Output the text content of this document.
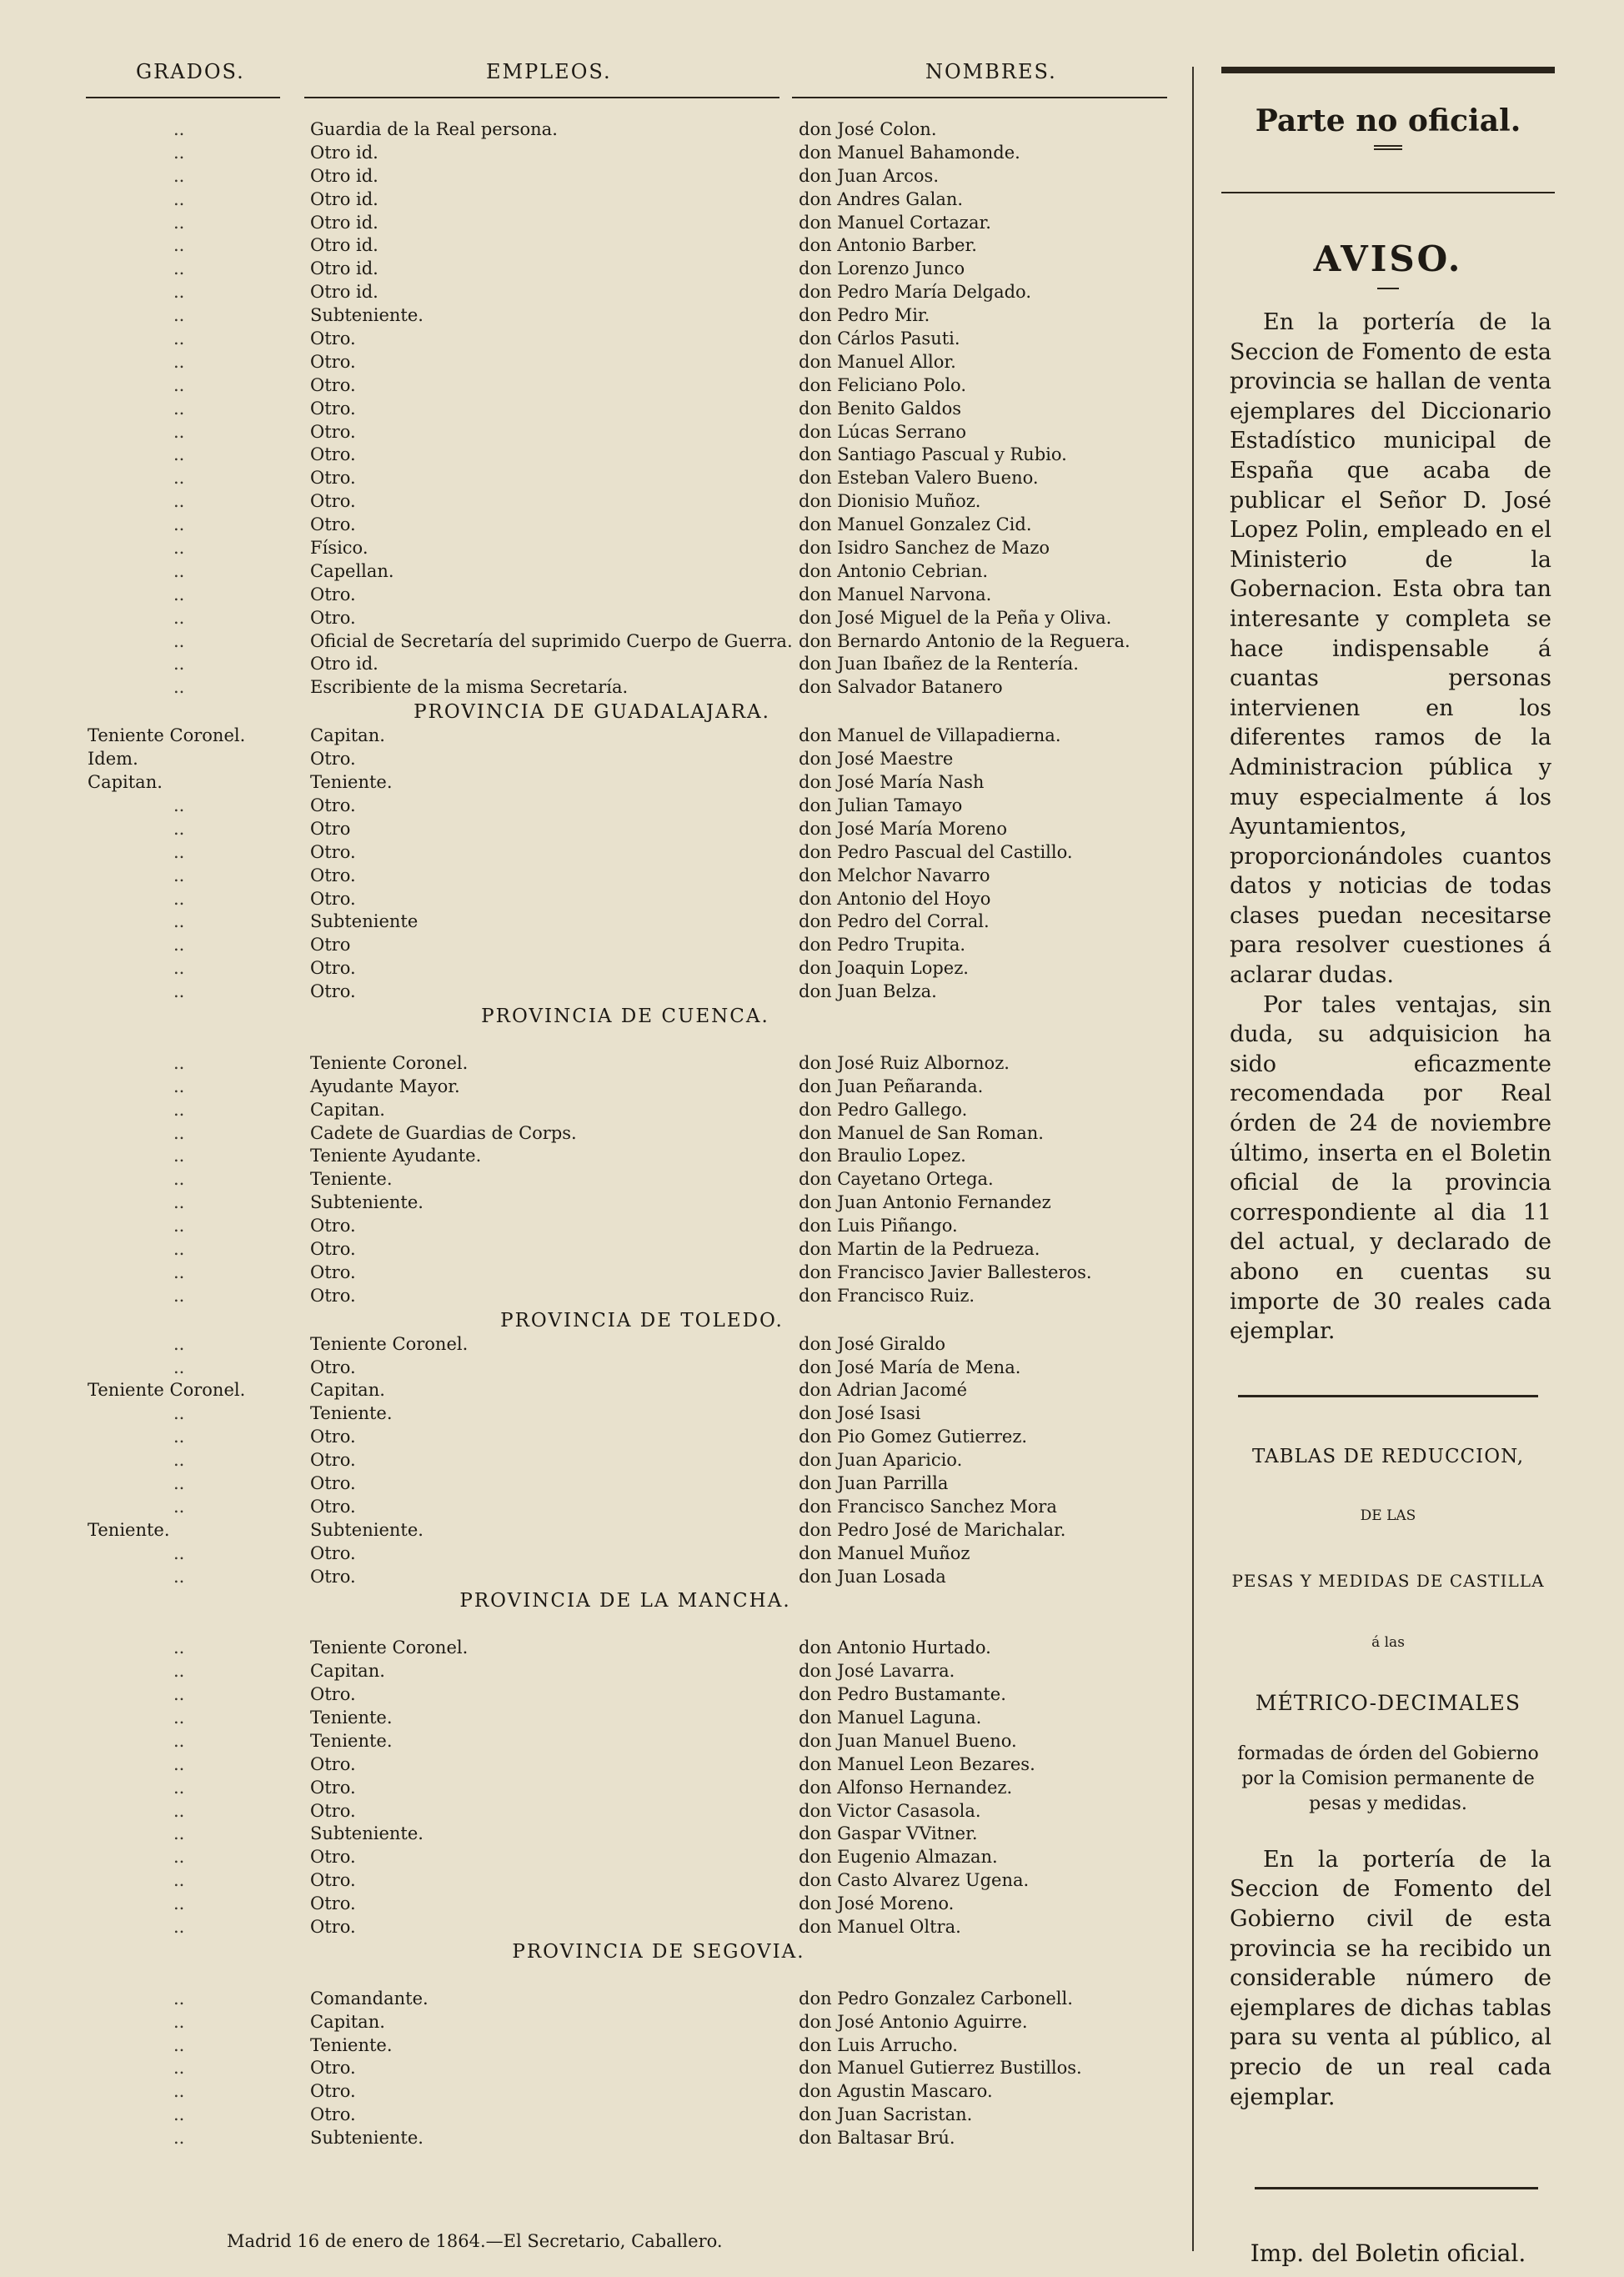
GRADOS.	EMPLEOS.	NOMBRES.
..	Guardia de la Real persona.	don José Colon.
..	Otro id.	don Manuel Bahamonde.
..	Otro id.	don Juan Arcos.
..	Otro id.	don Andres Galan.
..	Otro id.	don Manuel Cortazar.
..	Otro id.	don Antonio Barber.
..	Otro id.	don Lorenzo Junco
..	Otro id.	don Pedro María Delgado.
..	Subteniente.	don Pedro Mir.
..	Otro.	don Cárlos Pasuti.
..	Otro.	don Manuel Allor.
..	Otro.	don Feliciano Polo.
..	Otro.	don Benito Galdos
..	Otro.	don Lúcas Serrano
..	Otro.	don Santiago Pascual y Rubio.
..	Otro.	don Esteban Valero Bueno.
..	Otro.	don Dionisio Muñoz.
..	Otro.	don Manuel Gonzalez Cid.
..	Físico.	don Isidro Sanchez de Mazo
..	Capellan.	don Antonio Cebrian.
..	Otro.	don Manuel Narvona.
..	Otro.	don José Miguel de la Peña y Oliva.
..	Oficial de Secretaría del suprimido Cuerpo de Guerra. don Bernardo Antonio de la Reguera.
..	Otro id.	don Juan Ibañez de la Rentería.
..	Escribiente de la misma Secretaría.	don Salvador Batanero
PROVINCIA DE GUADALAJARA.
Teniente Coronel.	Capitan.	don Manuel de Villapadierna.
Idem.	Otro.	don José Maestre
Capitan.	Teniente.	don José María Nash
..	Otro.	don Julian Tamayo
..	Otro	don José María Moreno
..	Otro.	don Pedro Pascual del Castillo.
..	Otro.	don Melchor Navarro
..	Otro.	don Antonio del Hoyo
..	Subteniente	don Pedro del Corral.
..	Otro	don Pedro Trupita.
..	Otro.	don Joaquin Lopez.
..	Otro.	don Juan Belza.
PROVINCIA DE CUENCA.
..	Teniente Coronel.	don José Ruiz Albornoz.
..	Ayudante Mayor.	don Juan Peñaranda.
..	Capitan.	don Pedro Gallego.
..	Cadete de Guardias de Corps.	don Manuel de San Roman.
..	Teniente Ayudante.	don Braulio Lopez.
..	Teniente.	don Cayetano Ortega.
..	Subteniente.	don Juan Antonio Fernandez
..	Otro.	don Luis Piñango.
..	Otro.	don Martin de la Pedrueza.
..	Otro.	don Francisco Javier Ballesteros.
..	Otro.	don Francisco Ruiz.
PROVINCIA DE TOLEDO.
..	Teniente Coronel.	don José Giraldo
..	Otro.	don José María de Mena.
Teniente Coronel.	Capitan.	don Adrian Jacomé
..	Teniente.	don José Isasi
..	Otro.	don Pio Gomez Gutierrez.
..	Otro.	don Juan Aparicio.
..	Otro.	don Juan Parrilla
..	Otro.	don Francisco Sanchez Mora
Teniente.	Subteniente.	don Pedro José de Marichalar.
..	Otro.	don Manuel Muñoz
..	Otro.	don Juan Losada
PROVINCIA DE LA MANCHA.
..	Teniente Coronel.	don Antonio Hurtado.
..	Capitan.	don José Lavarra.
..	Otro.	don Pedro Bustamante.
..	Teniente.	don Manuel Laguna.
..	Teniente.	don Juan Manuel Bueno.
..	Otro.	don Manuel Leon Bezares.
..	Otro.	don Alfonso Hernandez.
..	Otro.	don Victor Casasola.
..	Subteniente.	don Gaspar VVitner.
..	Otro.	don Eugenio Almazan.
..	Otro.	don Casto Alvarez Ugena.
..	Otro.	don José Moreno.
..	Otro.	don Manuel Oltra.
PROVINCIA DE SEGOVIA.
..	Comandante.	don Pedro Gonzalez Carbonell.
..	Capitan.	don José Antonio Aguirre.
..	Teniente.	don Luis Arrucho.
..	Otro.	don Manuel Gutierrez Bustillos.
..	Otro.	don Agustin Mascaro.
..	Otro.	don Juan Sacristan.
..	Subteniente.	don Baltasar Brú.
Madrid 16 de enero de 1864.—El Secretario, Caballero.
Parte no oficial.
AVISO.
En la portería de la Seccion de Fomento de esta provincia se hallan de venta ejemplares del Diccionario Estadístico municipal de España que acaba de publicar el Señor D. José Lopez Polin, empleado en el Ministerio de la Gobernacion. Esta obra tan interesante y completa se hace indispensable á cuantas personas intervienen en los diferentes ramos de la Administracion pública y muy especialmente á los Ayuntamientos, proporcionándoles cuantos datos y noticias de todas clases puedan necesitarse para resolver cuestiones á aclarar dudas.
Por tales ventajas, sin duda, su adquisicion ha sido eficazmente recomendada por Real órden de 24 de noviembre último, inserta en el Boletin oficial de la provincia correspondiente al dia 11 del actual, y declarado de abono en cuentas su importe de 30 reales cada ejemplar.
TABLAS DE REDUCCION,
DE LAS
PESAS Y MEDIDAS DE CASTILLA
á las
MÉTRICO-DECIMALES
formadas de órden del Gobierno por la Comision permanente de pesas y medidas.
En la portería de la Seccion de Fomento del Gobierno civil de esta provincia se ha recibido un considerable número de ejemplares de dichas tablas para su venta al público, al precio de un real cada ejemplar.
Imp. del Boletin oficial.
